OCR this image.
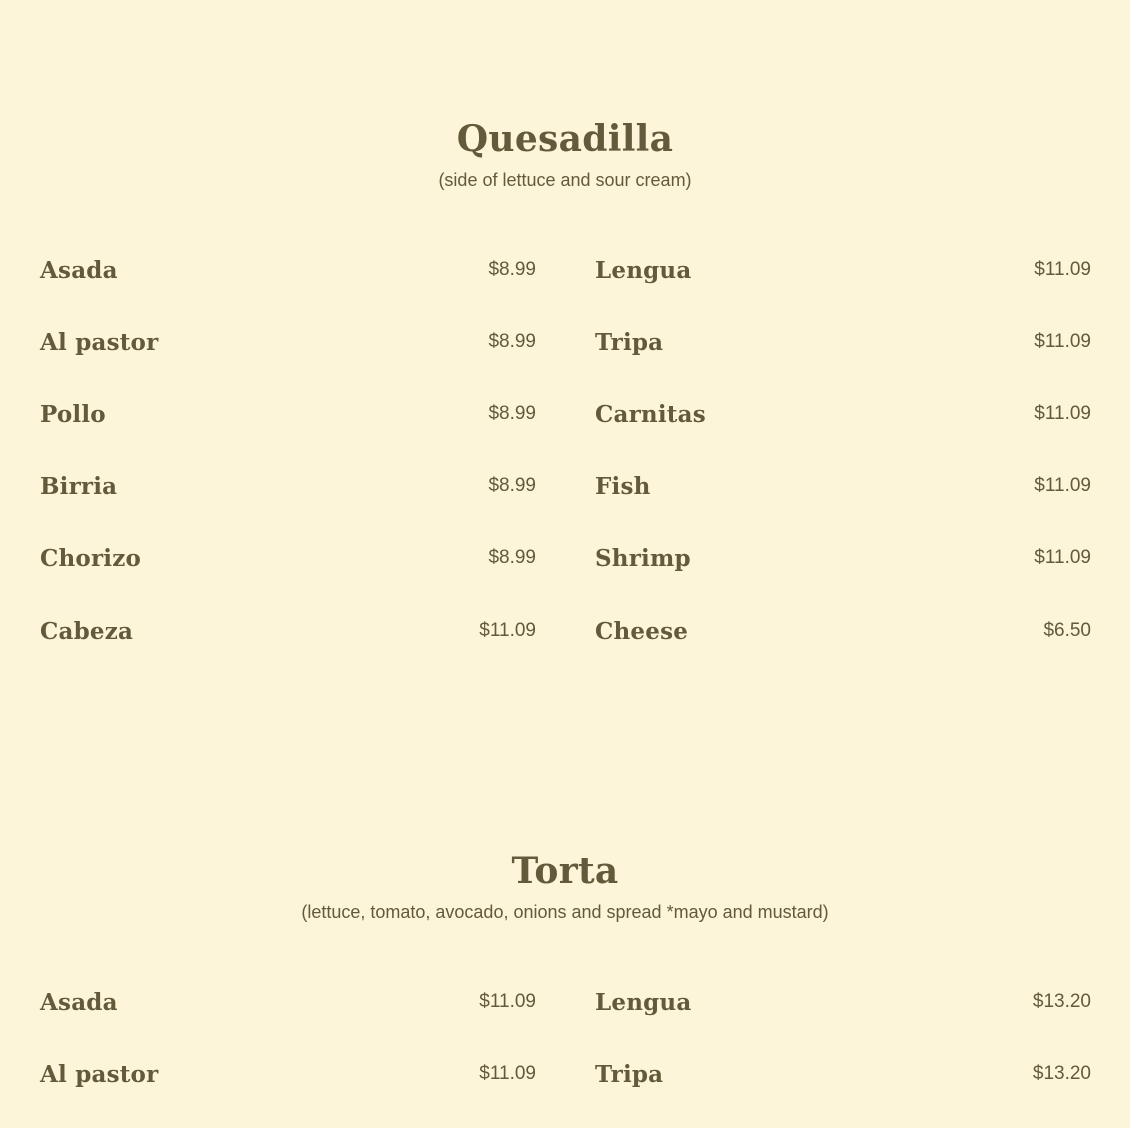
Quesadilla
(side of lettuce and sour cream)
Asada	$8.99
Al pastor	$8.99
Pollo	$8.99
Birria	$8.99
Chorizo	$8.99
Cabeza	$11.09
Lengua	$11.09
Tripa	$11.09
Carnitas	$11.09
Fish	$11.09
Shrimp	$11.09
Cheese	$6.50
Torta
(lettuce, tomato, avocado, onions and spread *mayo and mustard)
Asada	$11.09
Al pastor	$11.09
Lengua	$13.20
Tripa	$13.20
